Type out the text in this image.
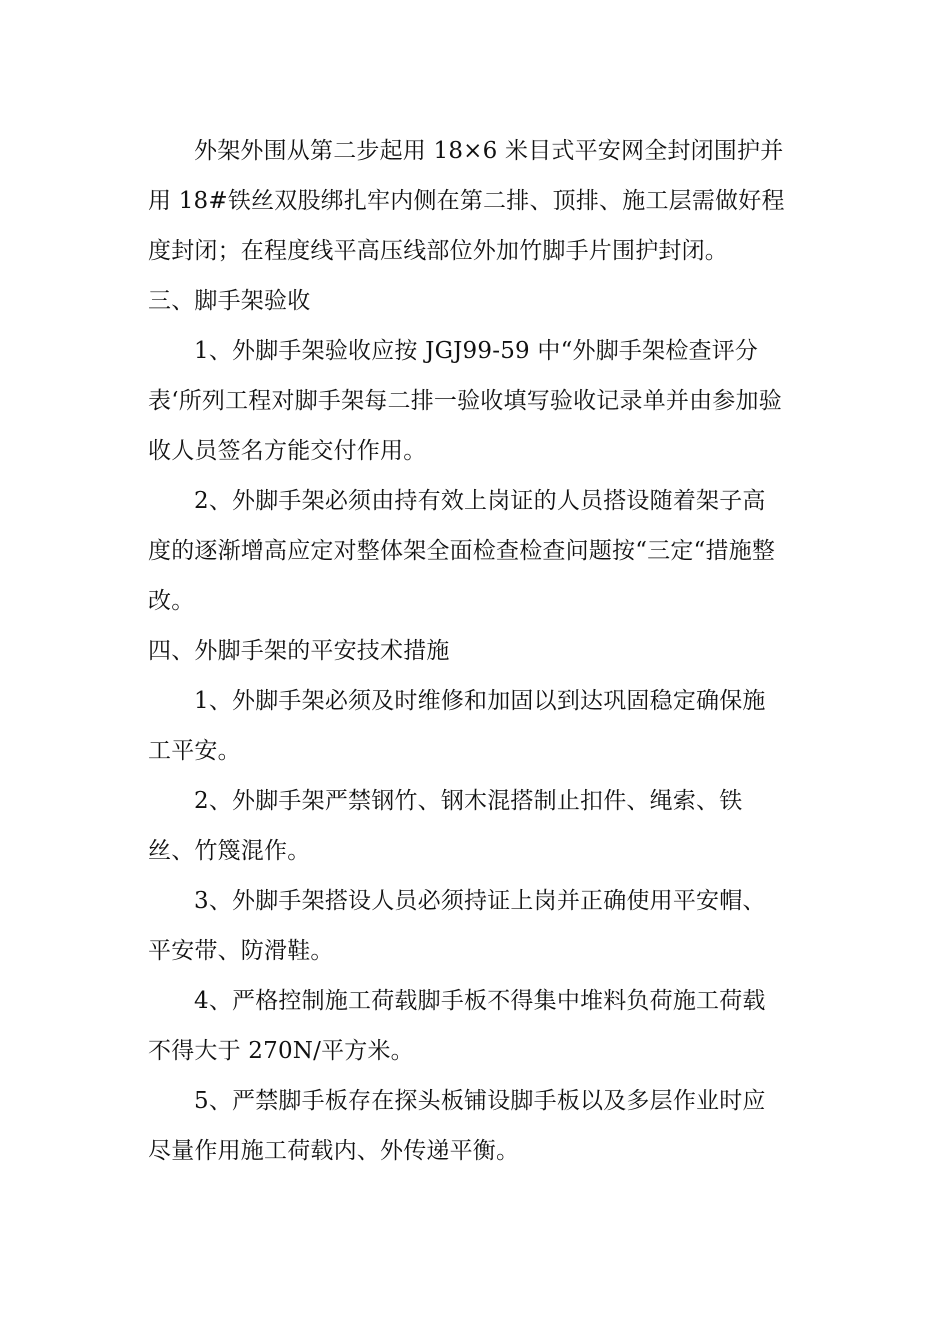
外架外围从第二步起用 18×6 米目式平安网全封闭围护并
用 18#铁丝双股绑扎牢内侧在第二排、顶排、施工层需做好程
度封闭；在程度线平高压线部位外加竹脚手片围护封闭。
三、脚手架验收
1、外脚手架验收应按 JGJ99-59 中“外脚手架检查评分
表‘所列工程对脚手架每二排一验收填写验收记录单并由参加验
收人员签名方能交付作用。
2、外脚手架必须由持有效上岗证的人员搭设随着架子高
度的逐渐增高应定对整体架全面检查检查问题按“三定“措施整
改。
四、外脚手架的平安技术措施
1、外脚手架必须及时维修和加固以到达巩固稳定确保施
工平安。
2、外脚手架严禁钢竹、钢木混搭制止扣件、绳索、铁
丝、竹篾混作。
3、外脚手架搭设人员必须持证上岗并正确使用平安帽、
平安带、防滑鞋。
4、严格控制施工荷载脚手板不得集中堆料负荷施工荷载
不得大于 270N/平方米。
5、严禁脚手板存在探头板铺设脚手板以及多层作业时应
尽量作用施工荷载内、外传递平衡。
